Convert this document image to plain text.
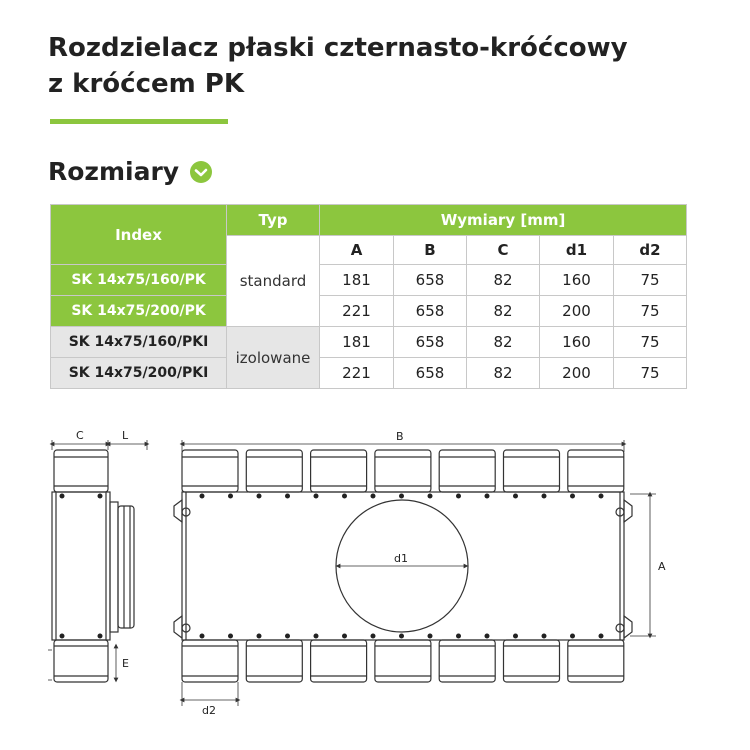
Rozdzielacz płaski czternasto-króćcowy
z króćcem PK
Rozmiary
Index	Typ	Wymiary [mm]				
	standard	A	B	C	d1	d2
SK 14x75/160/PK		181	658	82	160	75
SK 14x75/200/PK		221	658	82	200	75
SK 14x75/160/PKI	izolowane	181	658	82	160	75
SK 14x75/200/PKI		221	658	82	200	75
C	L
E
B
d1
A
d2
